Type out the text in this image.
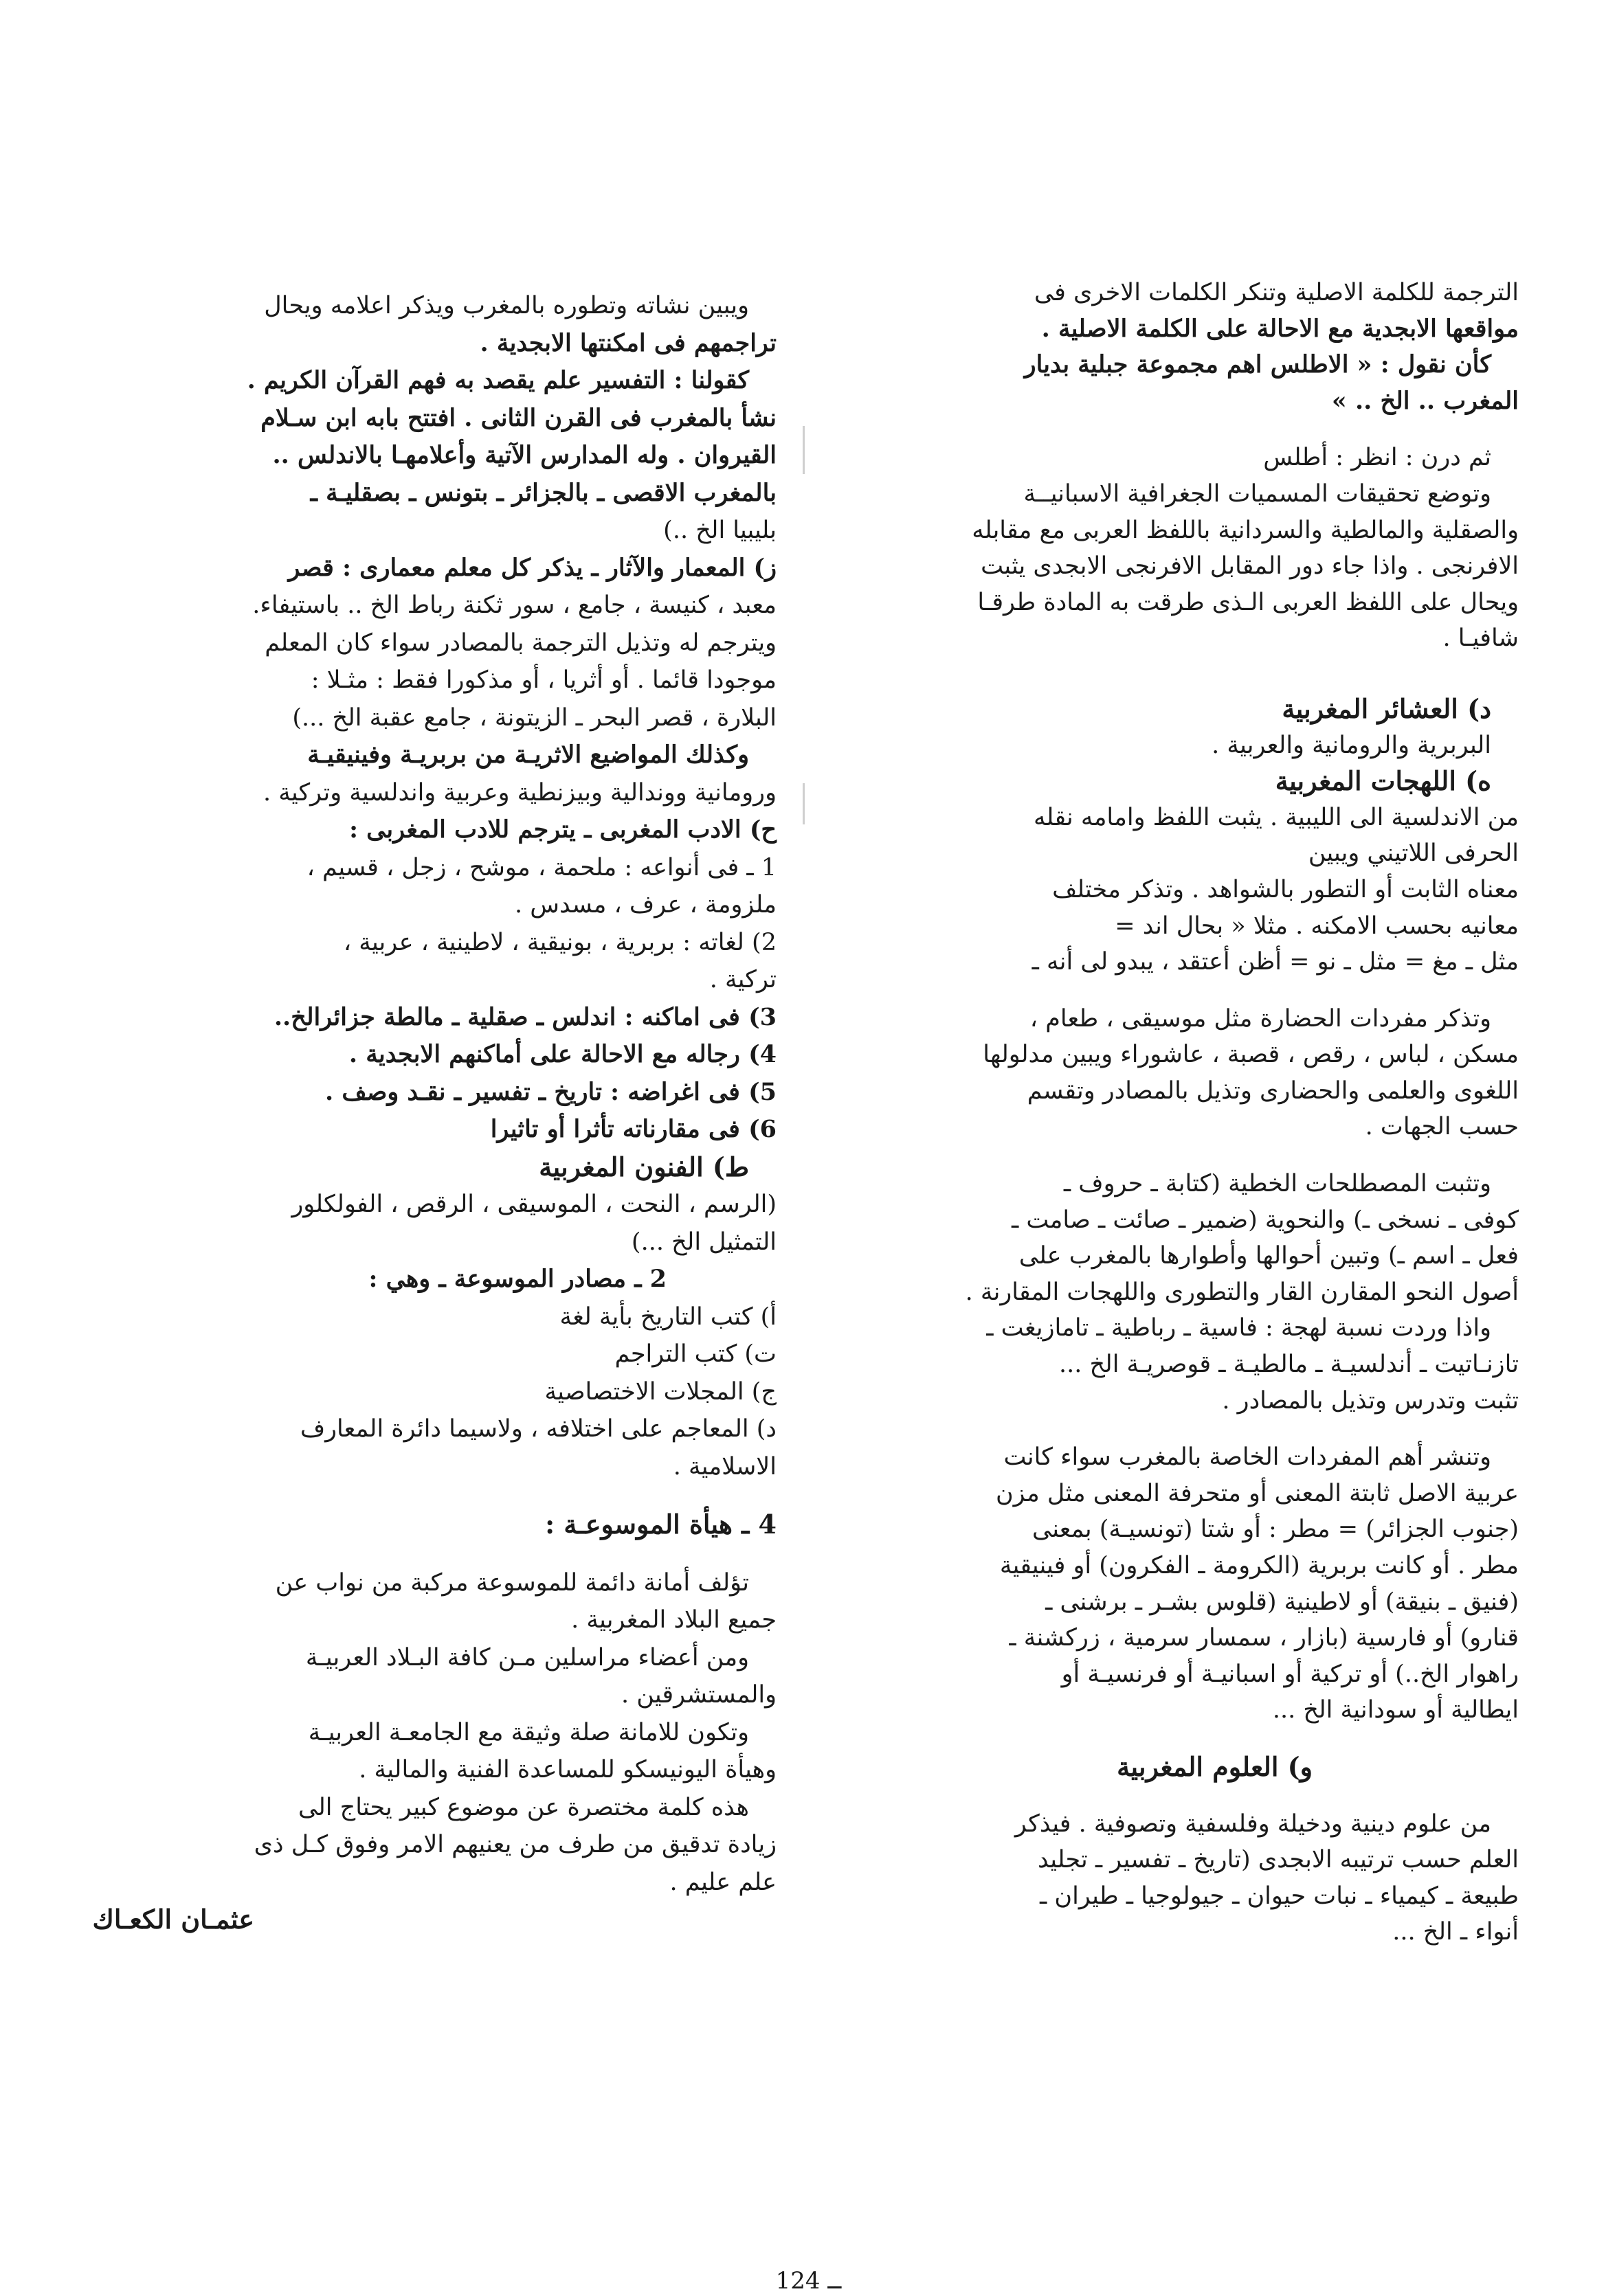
الترجمة للكلمة الاصلية وتنكر الكلمات الاخرى فى
مواقعها الابجدية مع الاحالة على الكلمة الاصلية .
كأن نقول : « الاطلس اهم مجموعة جبلية بديار
المغرب .. الخ .. »
ثم درن : انظر : أطلس
وتوضع تحقيقات المسميات الجغرافية الاسبانيــة
والصقلية والمالطية والسردانية باللفظ العربى مع مقابله
الافرنجى . واذا جاء دور المقابل الافرنجى الابجدى يثبت
ويحال على اللفظ العربى الـذى طرقت به المادة طرقـا
شافيـا .
د) العشائر المغربية
البربرية والرومانية والعربية .
ه) اللهجات المغربية
من الاندلسية الى الليبية . يثبت اللفظ وامامه نقله
الحرفى اللاتيني ويبين
معناه الثابت أو التطور بالشواهد . وتذكر مختلف
معانيه بحسب الامكنه . مثلا « بحال اند =
مثل ـ مغ = مثل ـ نو = أظن أعتقد ، يبدو لى أنه ـ
وتذكر مفردات الحضارة مثل موسيقى ، طعام ،
مسكن ، لباس ، رقص ، قصبة ، عاشوراء ويبين مدلولها
اللغوى والعلمى والحضارى وتذيل بالمصادر وتقسم
حسب الجهات .
وتثبت المصطلحات الخطية (كتابة ـ حروف ـ
كوفى ـ نسخى ـ) والنحوية (ضمير ـ صائت ـ صامت ـ
فعل ـ اسم ـ) وتبين أحوالها وأطوارها بالمغرب على
أصول النحو المقارن القار والتطورى واللهجات المقارنة .
واذا وردت نسبة لهجة : فاسية ـ رباطية ـ تامازيغت ـ
تازنـاتيت ـ أندلسيـة ـ مالطيـة ـ قوصريـة الخ ...
تثبت وتدرس وتذيل بالمصادر .
وتنشر أهم المفردات الخاصة بالمغرب سواء كانت
عربية الاصل ثابتة المعنى أو متحرفة المعنى مثل مزن
(جنوب الجزائر) = مطر : أو شتا (تونسيـة) بمعنى
مطر . أو كانت بربرية (الكرومة ـ الفكرون) أو فينيقية
(فنيق ـ بنيقة) أو لاطينية (قلوس بشـر ـ برشنى ـ
قنارو) أو فارسية (بازار ، سمسار سرمية ، زركشنة ـ
راهوار الخ..) أو تركية أو اسبانيـة أو فرنسيـة أو
ايطالية أو سودانية الخ ...
و) العلوم المغربية
من علوم دينية ودخيلة وفلسفية وتصوفية . فيذكر
العلم حسب ترتيبه الابجدى (تاريخ ـ تفسير ـ تجليد
طبيعة ـ كيمياء ـ نبات حيوان ـ جيولوجيا ـ طيران ـ
أنواء ـ الخ ...
ويبين نشاته وتطوره بالمغرب ويذكر اعلامه ويحال
تراجمهم فى امكنتها الابجدية .
كقولنا : التفسير علم يقصد به فهم القرآن الكريم .
نشأ بالمغرب فى القرن الثانى . افتتح بابه ابن سـلام
القيروان . وله المدارس الآتية وأعلامهـا بالاندلس ..
بالمغرب الاقصى ـ بالجزائر ـ بتونس ـ بصقليـة ـ
بليبيا الخ ..)
ز) المعمار والآثار ـ يذكر كل معلم معمارى : قصر
معبد ، كنيسة ، جامع ، سور ثكنة رباط الخ .. باستيفاء.
ويترجم له وتذيل الترجمة بالمصادر سواء كان المعلم
موجودا قائما . أو أثريا ، أو مذكورا فقط : مثـلا :
البلارة ، قصر البحر ـ الزيتونة ، جامع عقبة الخ ...)
وكذلك المواضيع الاثريـة من بربريـة وفينيقيـة
ورومانية ووندالية وبيزنطية وعربية واندلسية وتركية .
ح) الادب المغربى ـ يترجم للادب المغربى :
1 ـ فى أنواعه : ملحمة ، موشح ، زجل ، قسيم ،
ملزومة ، عرف ، مسدس .
2) لغاته : بربرية ، بونيقية ، لاطينية ، عربية ،
تركية .
3) فى اماكنه : اندلس ـ صقلية ـ مالطة جزائرالخ..
4) رجاله مع الاحالة على أماكنهم الابجدية .
5) فى اغراضه : تاريخ ـ تفسير ـ نقـد وصف .
6) فى مقارناته تأثرا أو تاثيرا
ط) الفنون المغربية
(الرسم ، النحت ، الموسيقى ، الرقص ، الفولكلور
التمثيل الخ ...)
2 ـ مصادر الموسوعة ـ وهي :
أ) كتب التاريخ بأية لغة
ت) كتب التراجم
ج) المجلات الاختصاصية
د) المعاجم على اختلافه ، ولاسيما دائرة المعارف
الاسلامية .
4 ـ هيأة الموسوعـة :
تؤلف أمانة دائمة للموسوعة مركبة من نواب عن
جميع البلاد المغربية .
ومن أعضاء مراسلين مـن كافة البـلاد العربيـة
والمستشرقين .
وتكون للامانة صلة وثيقة مع الجامعـة العربيـة
وهيأة اليونيسكو للمساعدة الفنية والمالية .
هذه كلمة مختصرة عن موضوع كبير يحتاج الى
زيادة تدقيق من طرف من يعنيهم الامر وفوق كـل ذى
علم عليم .
عثمـان الكعـاك
ــ 124
